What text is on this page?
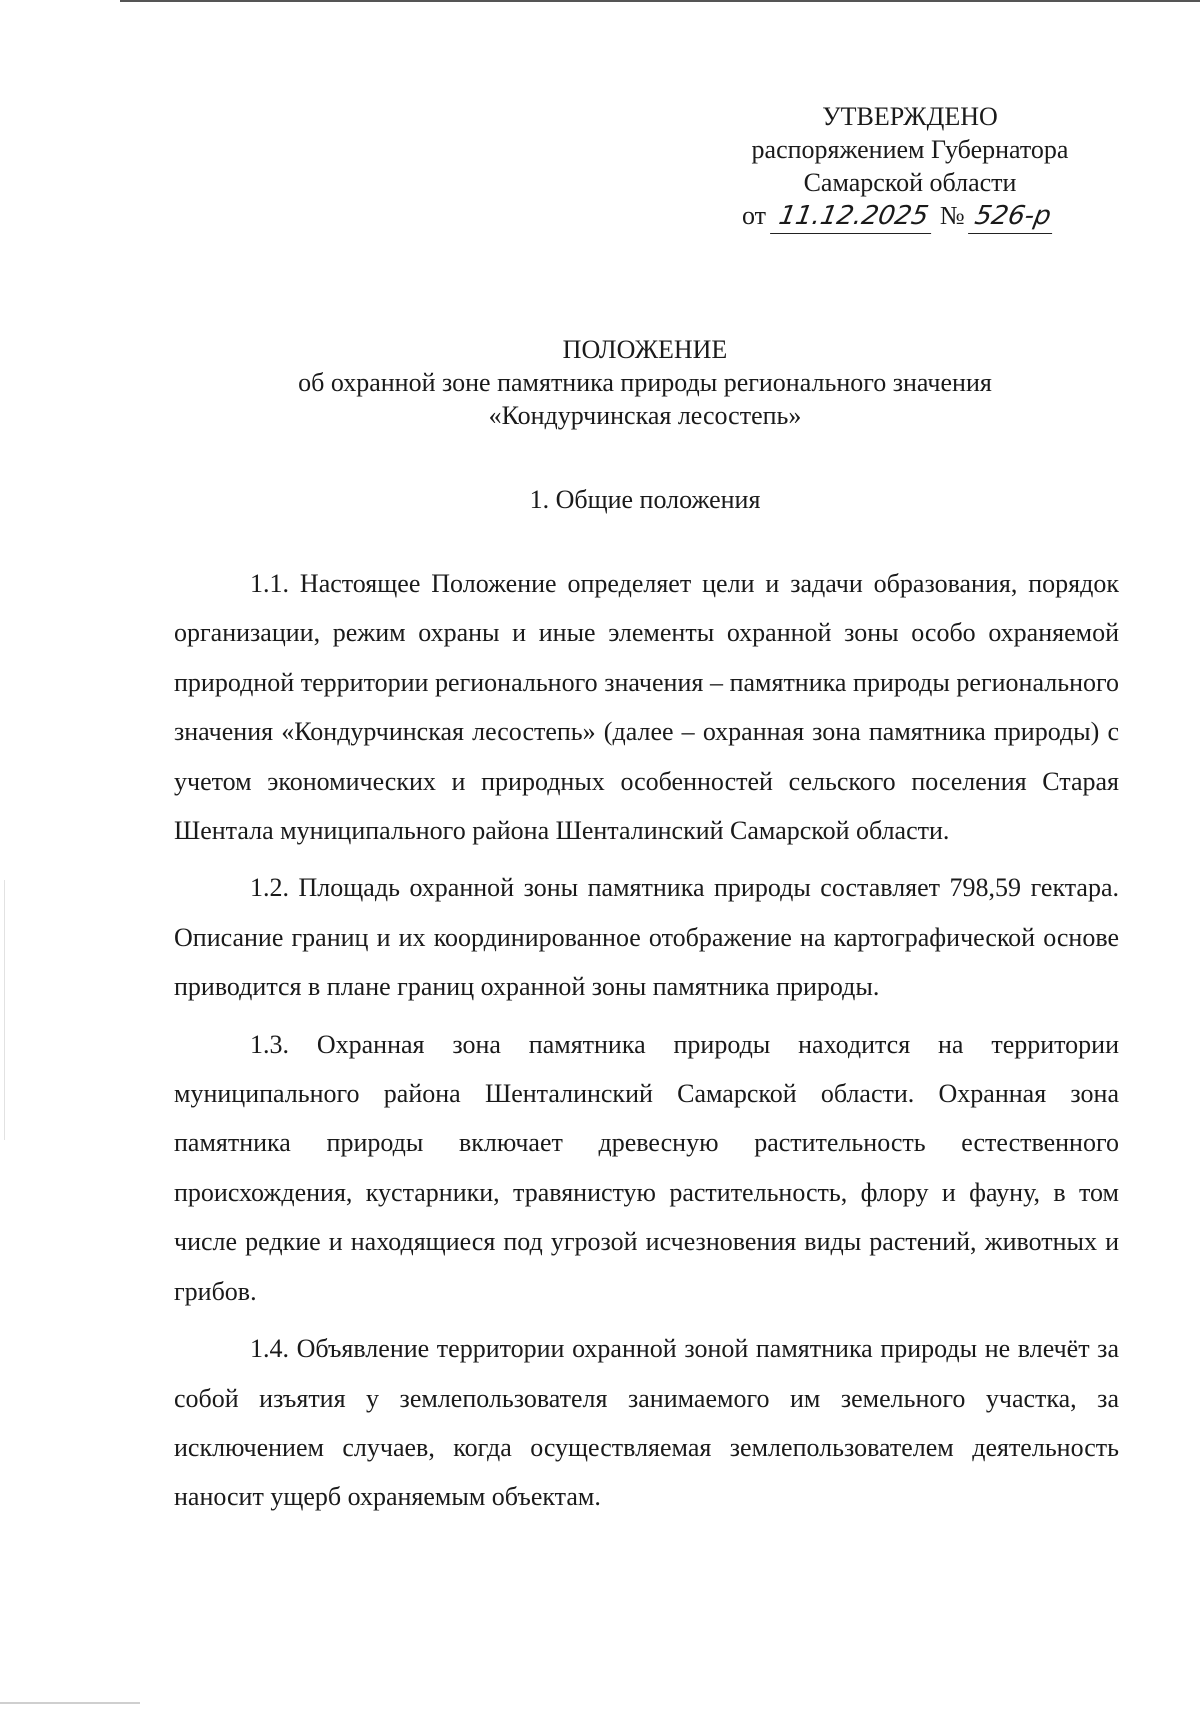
УТВЕРЖДЕНО
распоряжением Губернатора
Самарской области
от 11.12.2025 № 526-р
ПОЛОЖЕНИЕ
об охранной зоне памятника природы регионального значения
«Кондурчинская лесостепь»
1. Общие положения

1.1. Настоящее Положение определяет цели и задачи образования, порядок организации, режим охраны и иные элементы охранной зоны особо охраняемой природной территории регионального значения – памятника природы регионального значения «Кондурчинская лесостепь» (далее – охранная зона памятника природы) с учетом экономических и природных особенностей сельского поселения Старая Шентала муниципального района Шенталинский Самарской области.

1.2. Площадь охранной зоны памятника природы составляет 798,59 гектара. Описание границ и их координированное отображение на картографической основе приводится в плане границ охранной зоны памятника природы.

1.3. Охранная зона памятника природы находится на территории муниципального района Шенталинский Самарской области. Охранная зона памятника природы включает древесную растительность естественного происхождения, кустарники, травянистую растительность, флору и фауну, в том числе редкие и находящиеся под угрозой исчезновения виды растений, животных и грибов.

1.4. Объявление территории охранной зоной памятника природы не влечёт за собой изъятия у землепользователя занимаемого им земельного участка, за исключением случаев, когда осуществляемая землепользователем деятельность наносит ущерб охраняемым объектам.
